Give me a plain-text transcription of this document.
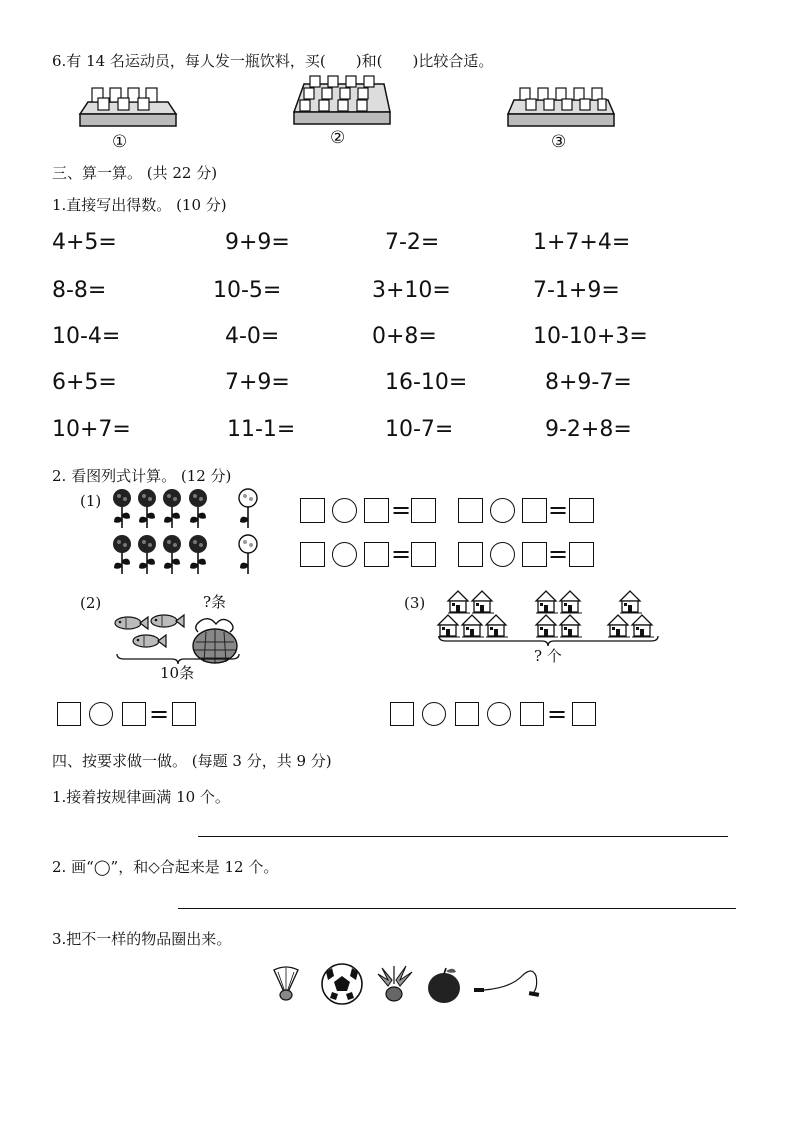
6.有 14 名运动员，每人发一瓶饮料，买(　　)和(　　)比较合适。
①	②	③
三、算一算。 (共 22 分)
1.直接写出得数。 (10 分)
4+5=	9+9=	7-2=	1+7+4=
8-8=	10-5=	3+10=	7-1+9=
10-4=	4-0=	0+8=	10-10+3=
6+5=	7+9=	16-10=	8+9-7=
10+7=	11-1=	10-7=	9-2+8=
2. 看图列式计算。 (12 分)
(1)	=	=
=	=
(2)	?条
10条
(3)
? 个
=	=
四、按要求做一做。 (每题 3 分，共 9 分)
1.接着按规律画满 10 个。
2. 画“◯”，和◇合起来是 12 个。
3.把不一样的物品圈出来。
